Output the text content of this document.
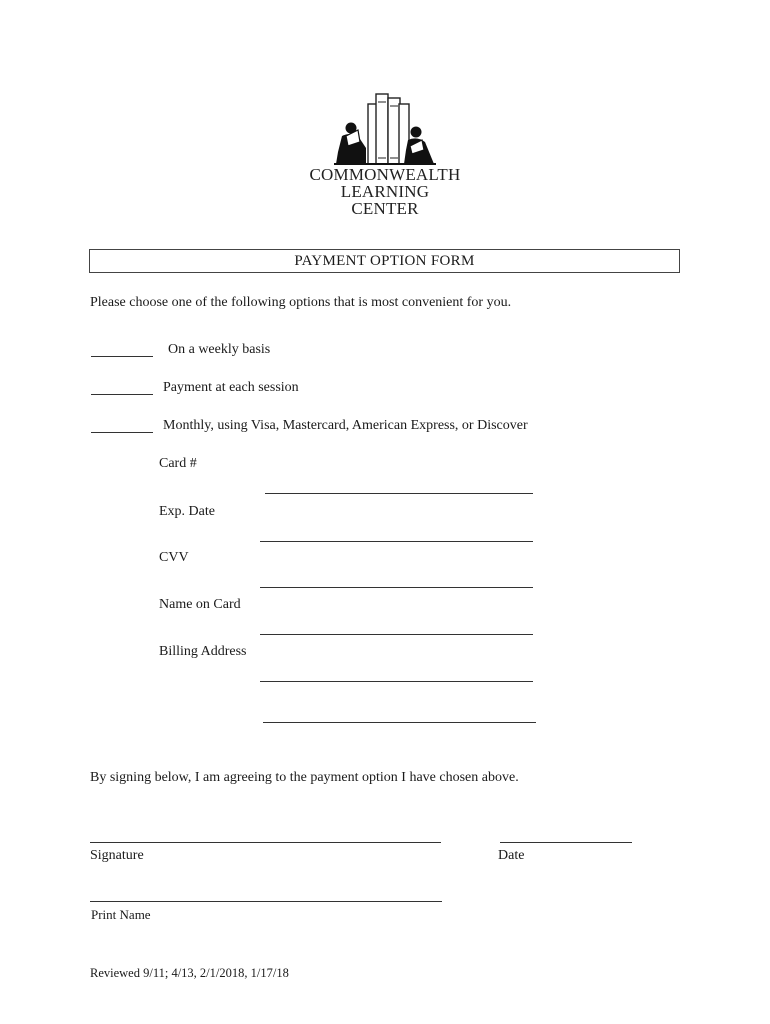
COMMONWEALTH
LEARNING
CENTER
PAYMENT OPTION FORM
Please choose one of the following options that is most convenient for you.
On a weekly basis
Payment at each session
Monthly, using Visa, Mastercard, American Express, or Discover
Card #
Exp. Date
CVV
Name on Card
Billing Address
By signing below, I am agreeing to the payment option I have chosen above.
Signature	Date
Print Name
Reviewed 9/11; 4/13, 2/1/2018, 1/17/18
